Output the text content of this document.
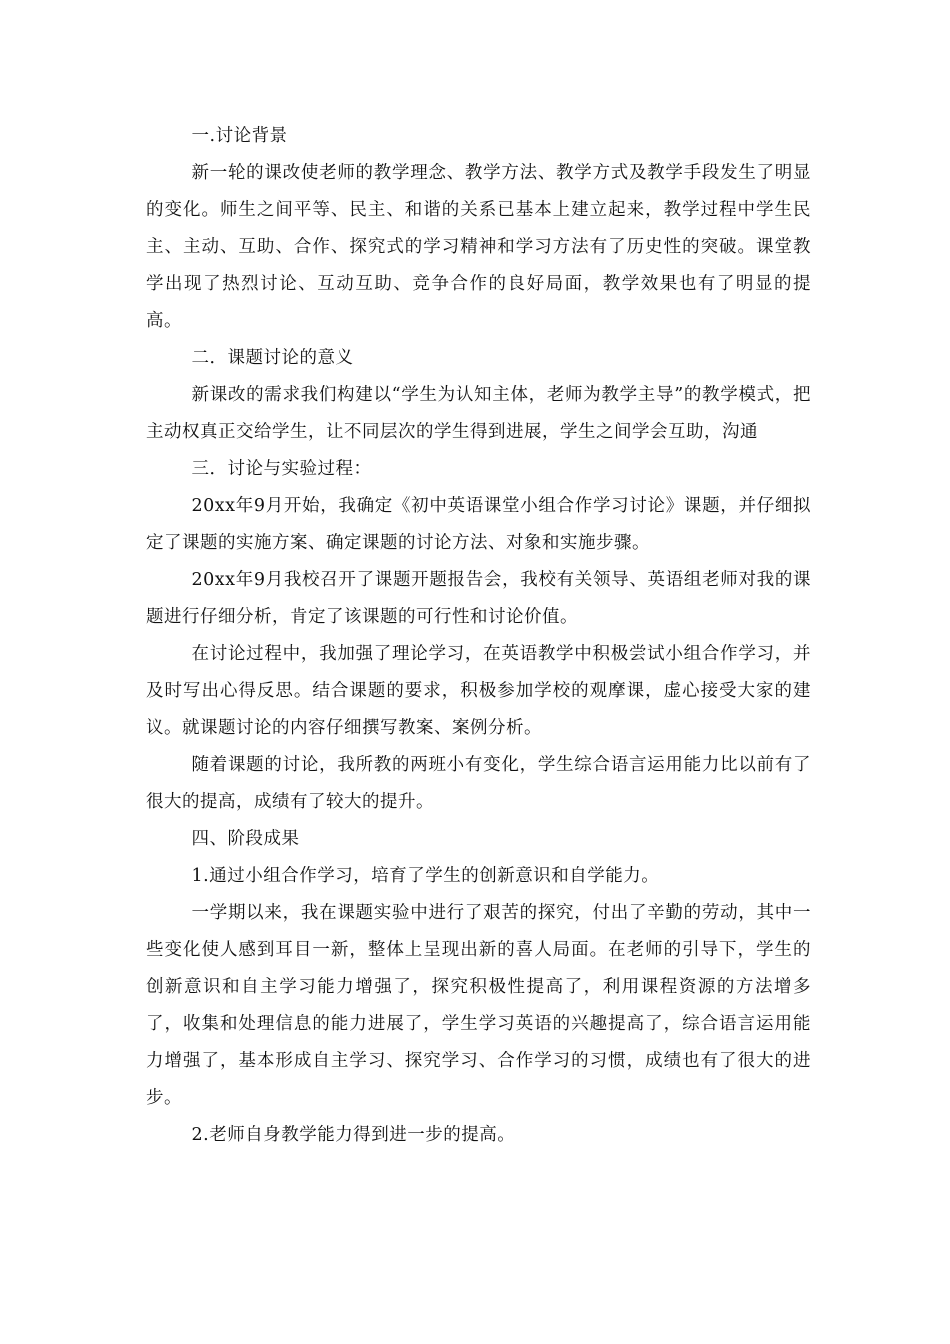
一.讨论背景

新一轮的课改使老师的教学理念、教学方法、教学方式及教学手段发生了明显的变化。师生之间平等、民主、和谐的关系已基本上建立起来，教学过程中学生民主、主动、互助、合作、探究式的学习精神和学习方法有了历史性的突破。课堂教学出现了热烈讨论、互动互助、竞争合作的良好局面，教学效果也有了明显的提高。

二．课题讨论的意义

新课改的需求我们构建以“学生为认知主体，老师为教学主导”的教学模式，把主动权真正交给学生，让不同层次的学生得到进展，学生之间学会互助，沟通

三．讨论与实验过程：

20xx年9月开始，我确定《初中英语课堂小组合作学习讨论》课题，并仔细拟定了课题的实施方案、确定课题的讨论方法、对象和实施步骤。

20xx年9月我校召开了课题开题报告会，我校有关领导、英语组老师对我的课题进行仔细分析，肯定了该课题的可行性和讨论价值。

在讨论过程中，我加强了理论学习，在英语教学中积极尝试小组合作学习，并及时写出心得反思。结合课题的要求，积极参加学校的观摩课，虚心接受大家的建议。就课题讨论的内容仔细撰写教案、案例分析。

随着课题的讨论，我所教的两班小有变化，学生综合语言运用能力比以前有了很大的提高，成绩有了较大的提升。

四、阶段成果

1.通过小组合作学习，培育了学生的创新意识和自学能力。

一学期以来，我在课题实验中进行了艰苦的探究，付出了辛勤的劳动，其中一些变化使人感到耳目一新，整体上呈现出新的喜人局面。在老师的引导下，学生的创新意识和自主学习能力增强了，探究积极性提高了，利用课程资源的方法增多了，收集和处理信息的能力进展了，学生学习英语的兴趣提高了，综合语言运用能力增强了，基本形成自主学习、探究学习、合作学习的习惯，成绩也有了很大的进步。

2.老师自身教学能力得到进一步的提高。
